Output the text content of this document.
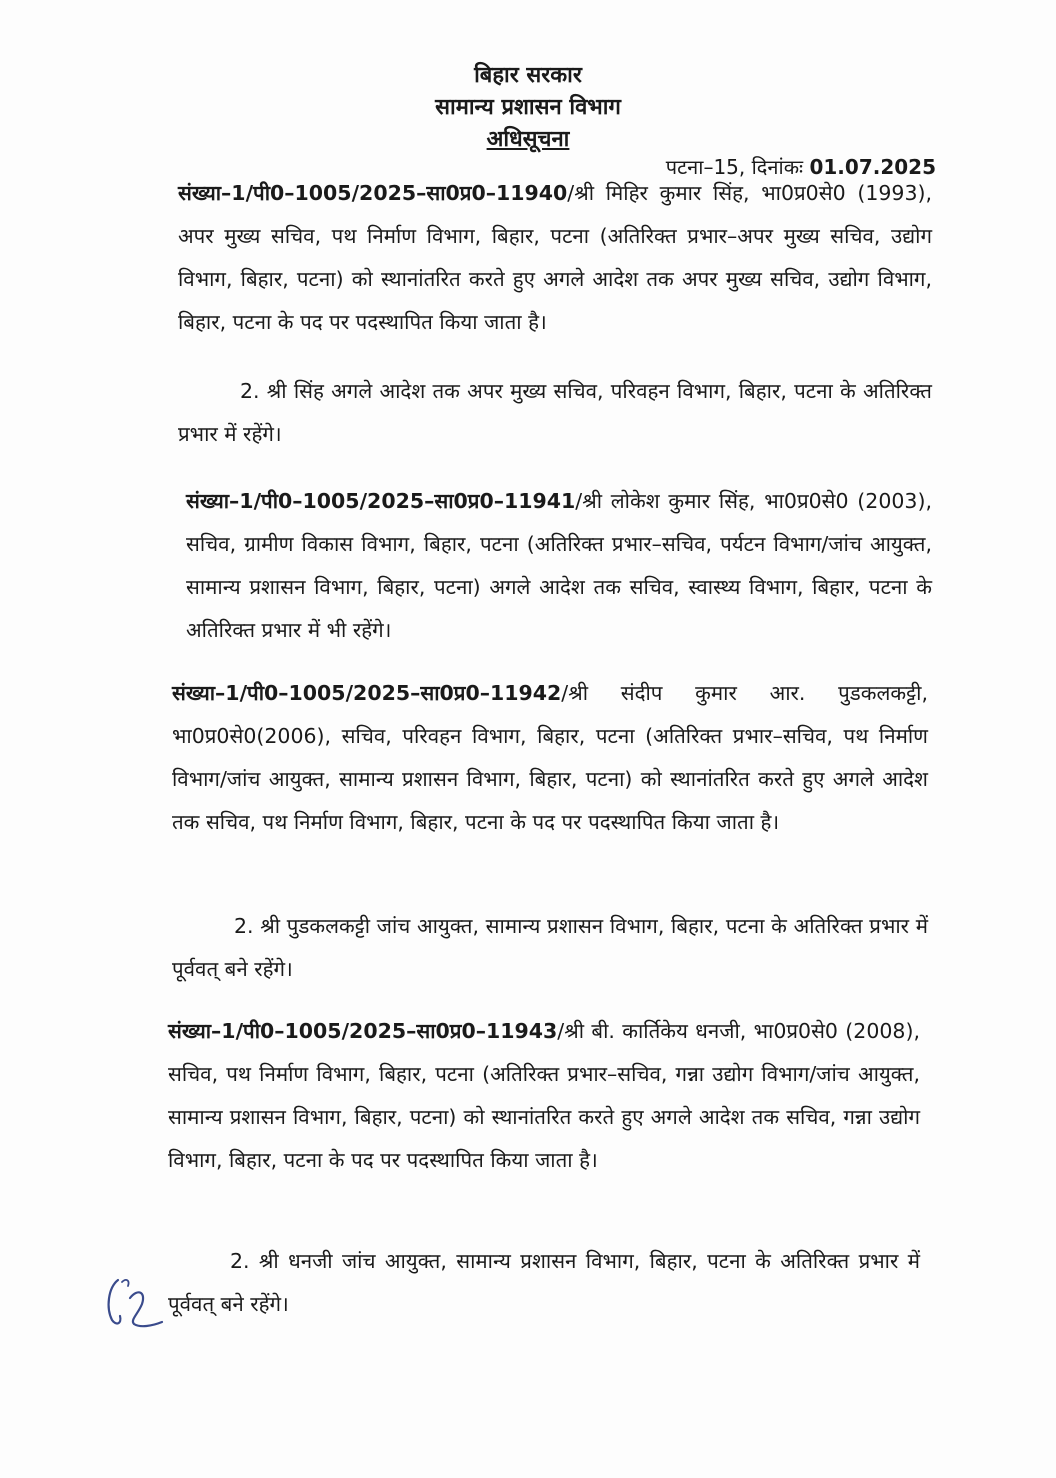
बिहार सरकार
सामान्य प्रशासन विभाग
अधिसूचना
पटना–15, दिनांकः 01.07.2025

संख्या–1/पी0–1005/2025–सा0प्र0–11940/श्री मिहिर कुमार सिंह, भा0प्र0से0 (1993), अपर मुख्य सचिव, पथ निर्माण विभाग, बिहार, पटना (अतिरिक्त प्रभार–अपर मुख्य सचिव, उद्योग विभाग, बिहार, पटना) को स्थानांतरित करते हुए अगले आदेश तक अपर मुख्य सचिव, उद्योग विभाग, बिहार, पटना के पद पर पदस्थापित किया जाता है।

2. श्री सिंह अगले आदेश तक अपर मुख्य सचिव, परिवहन विभाग, बिहार, पटना के अतिरिक्त प्रभार में रहेंगे।

संख्या–1/पी0–1005/2025–सा0प्र0–11941/श्री लोकेश कुमार सिंह, भा0प्र0से0 (2003), सचिव, ग्रामीण विकास विभाग, बिहार, पटना (अतिरिक्त प्रभार–सचिव, पर्यटन विभाग/जांच आयुक्त, सामान्य प्रशासन विभाग, बिहार, पटना) अगले आदेश तक सचिव, स्वास्थ्य विभाग, बिहार, पटना के अतिरिक्त प्रभार में भी रहेंगे।

संख्या–1/पी0–1005/2025–सा0प्र0–11942/श्री संदीप कुमार आर. पुडकलकट्टी, भा0प्र0से0(2006), सचिव, परिवहन विभाग, बिहार, पटना (अतिरिक्त प्रभार–सचिव, पथ निर्माण विभाग/जांच आयुक्त, सामान्य प्रशासन विभाग, बिहार, पटना) को स्थानांतरित करते हुए अगले आदेश तक सचिव, पथ निर्माण विभाग, बिहार, पटना के पद पर पदस्थापित किया जाता है।

2. श्री पुडकलकट्टी जांच आयुक्त, सामान्य प्रशासन विभाग, बिहार, पटना के अतिरिक्त प्रभार में पूर्ववत् बने रहेंगे।

संख्या–1/पी0–1005/2025–सा0प्र0–11943/श्री बी. कार्तिकेय धनजी, भा0प्र0से0 (2008), सचिव, पथ निर्माण विभाग, बिहार, पटना (अतिरिक्त प्रभार–सचिव, गन्ना उद्योग विभाग/जांच आयुक्त, सामान्य प्रशासन विभाग, बिहार, पटना) को स्थानांतरित करते हुए अगले आदेश तक सचिव, गन्ना उद्योग विभाग, बिहार, पटना के पद पर पदस्थापित किया जाता है।

2. श्री धनजी जांच आयुक्त, सामान्य प्रशासन विभाग, बिहार, पटना के अतिरिक्त प्रभार में पूर्ववत् बने रहेंगे।
